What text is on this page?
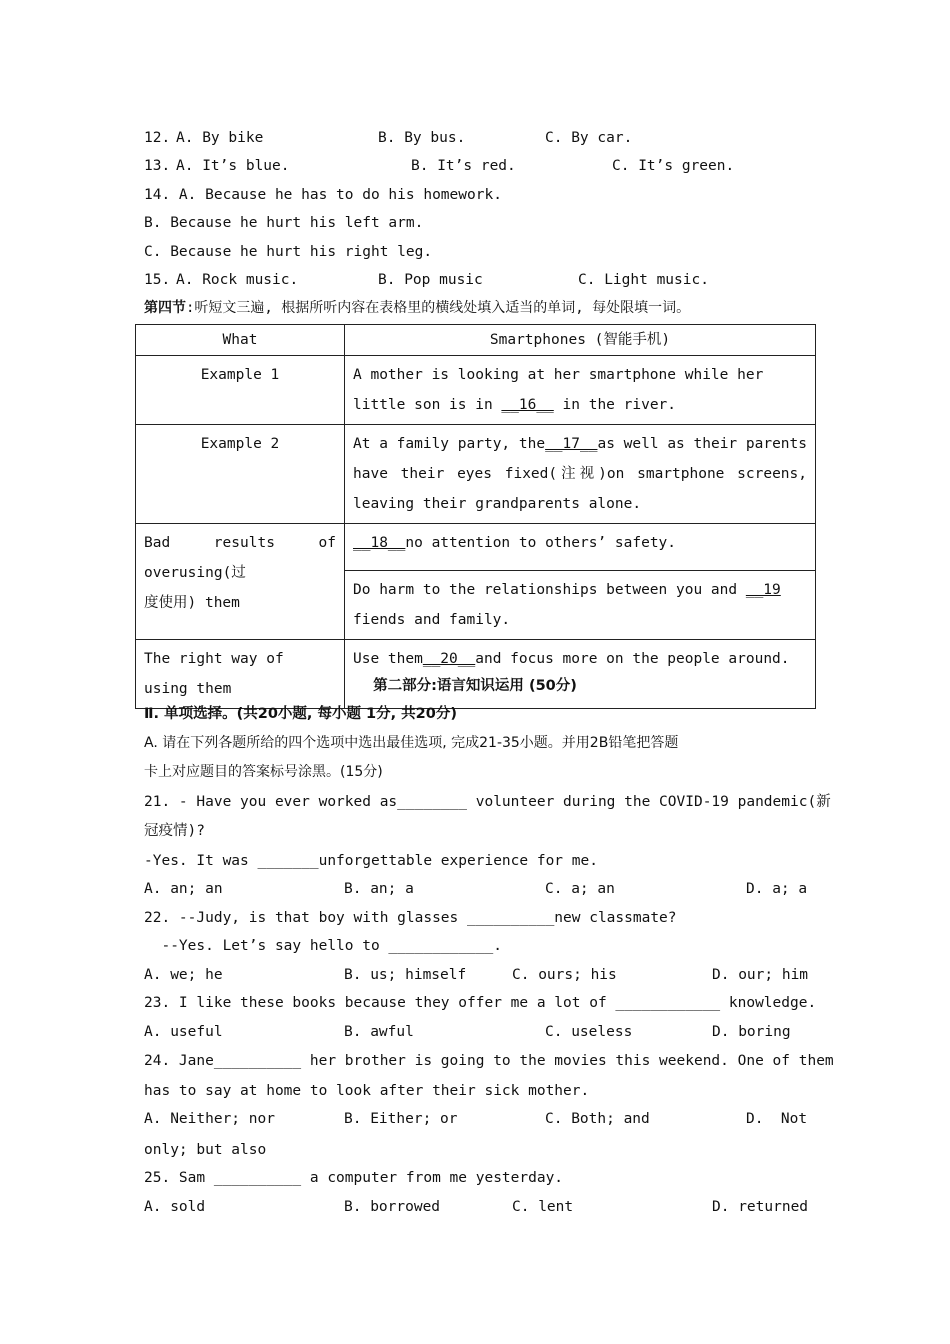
12. A. By bike	B. By bus.	C. By car.
13. A. It’s blue.	B. It’s red.	C. It’s green.
14. A. Because he has to do his homework.
B. Because he hurt his left arm.
C. Because he hurt his right leg.
15. A. Rock music.	B. Pop music	C. Light music.
第四节:听短文三遍, 根据所听内容在表格里的横线处填入适当的单词, 每处限填一词。
What	Smartphones (智能手机)
Example 1	A mother is looking at her smartphone while her little son is in __16__ in the river.
Example 2	At a family party, the__17__as well as their parents have their eyes fixed(注视)on smartphone screens, leaving their grandparents alone.

Bad results of
overusing(过
度使用) them	__18__no attention to others’ safety.
	Do harm to the relationships between you and __19
fiends and family.
The right way of using them	Use them__20__and focus more on the people around.
第二部分:语言知识运用 (50分)
Ⅱ. 单项选择。(共20小题, 每小题 1分, 共20分)
A. 请在下列各题所给的四个选项中选出最佳选项, 完成21-35小题。并用2B铅笔把答题
卡上对应题目的答案标号涂黑。(15分)
21. - Have you ever worked as________ volunteer during the COVID-19 pandemic(新
冠疫情)?
-Yes. It was _______unforgettable experience for me.
A. an; an	B. an; a	C. a; an	D. a; a
22. --Judy, is that boy with glasses __________new classmate?
--Yes. Let’s say hello to ____________.
A. we; he	B. us; himself	C. ours; his	D. our; him
23. I like these books because they offer me a lot of ____________ knowledge.
A. useful	B. awful	C. useless	D. boring
24. Jane__________ her brother is going to the movies this weekend. One of them
has to say at home to look after their sick mother.
A. Neither; nor	B. Either; or	C. Both; and	D.  Not
only; but also
25. Sam __________ a computer from me yesterday.
A. sold	B. borrowed	C. lent	D. returned
